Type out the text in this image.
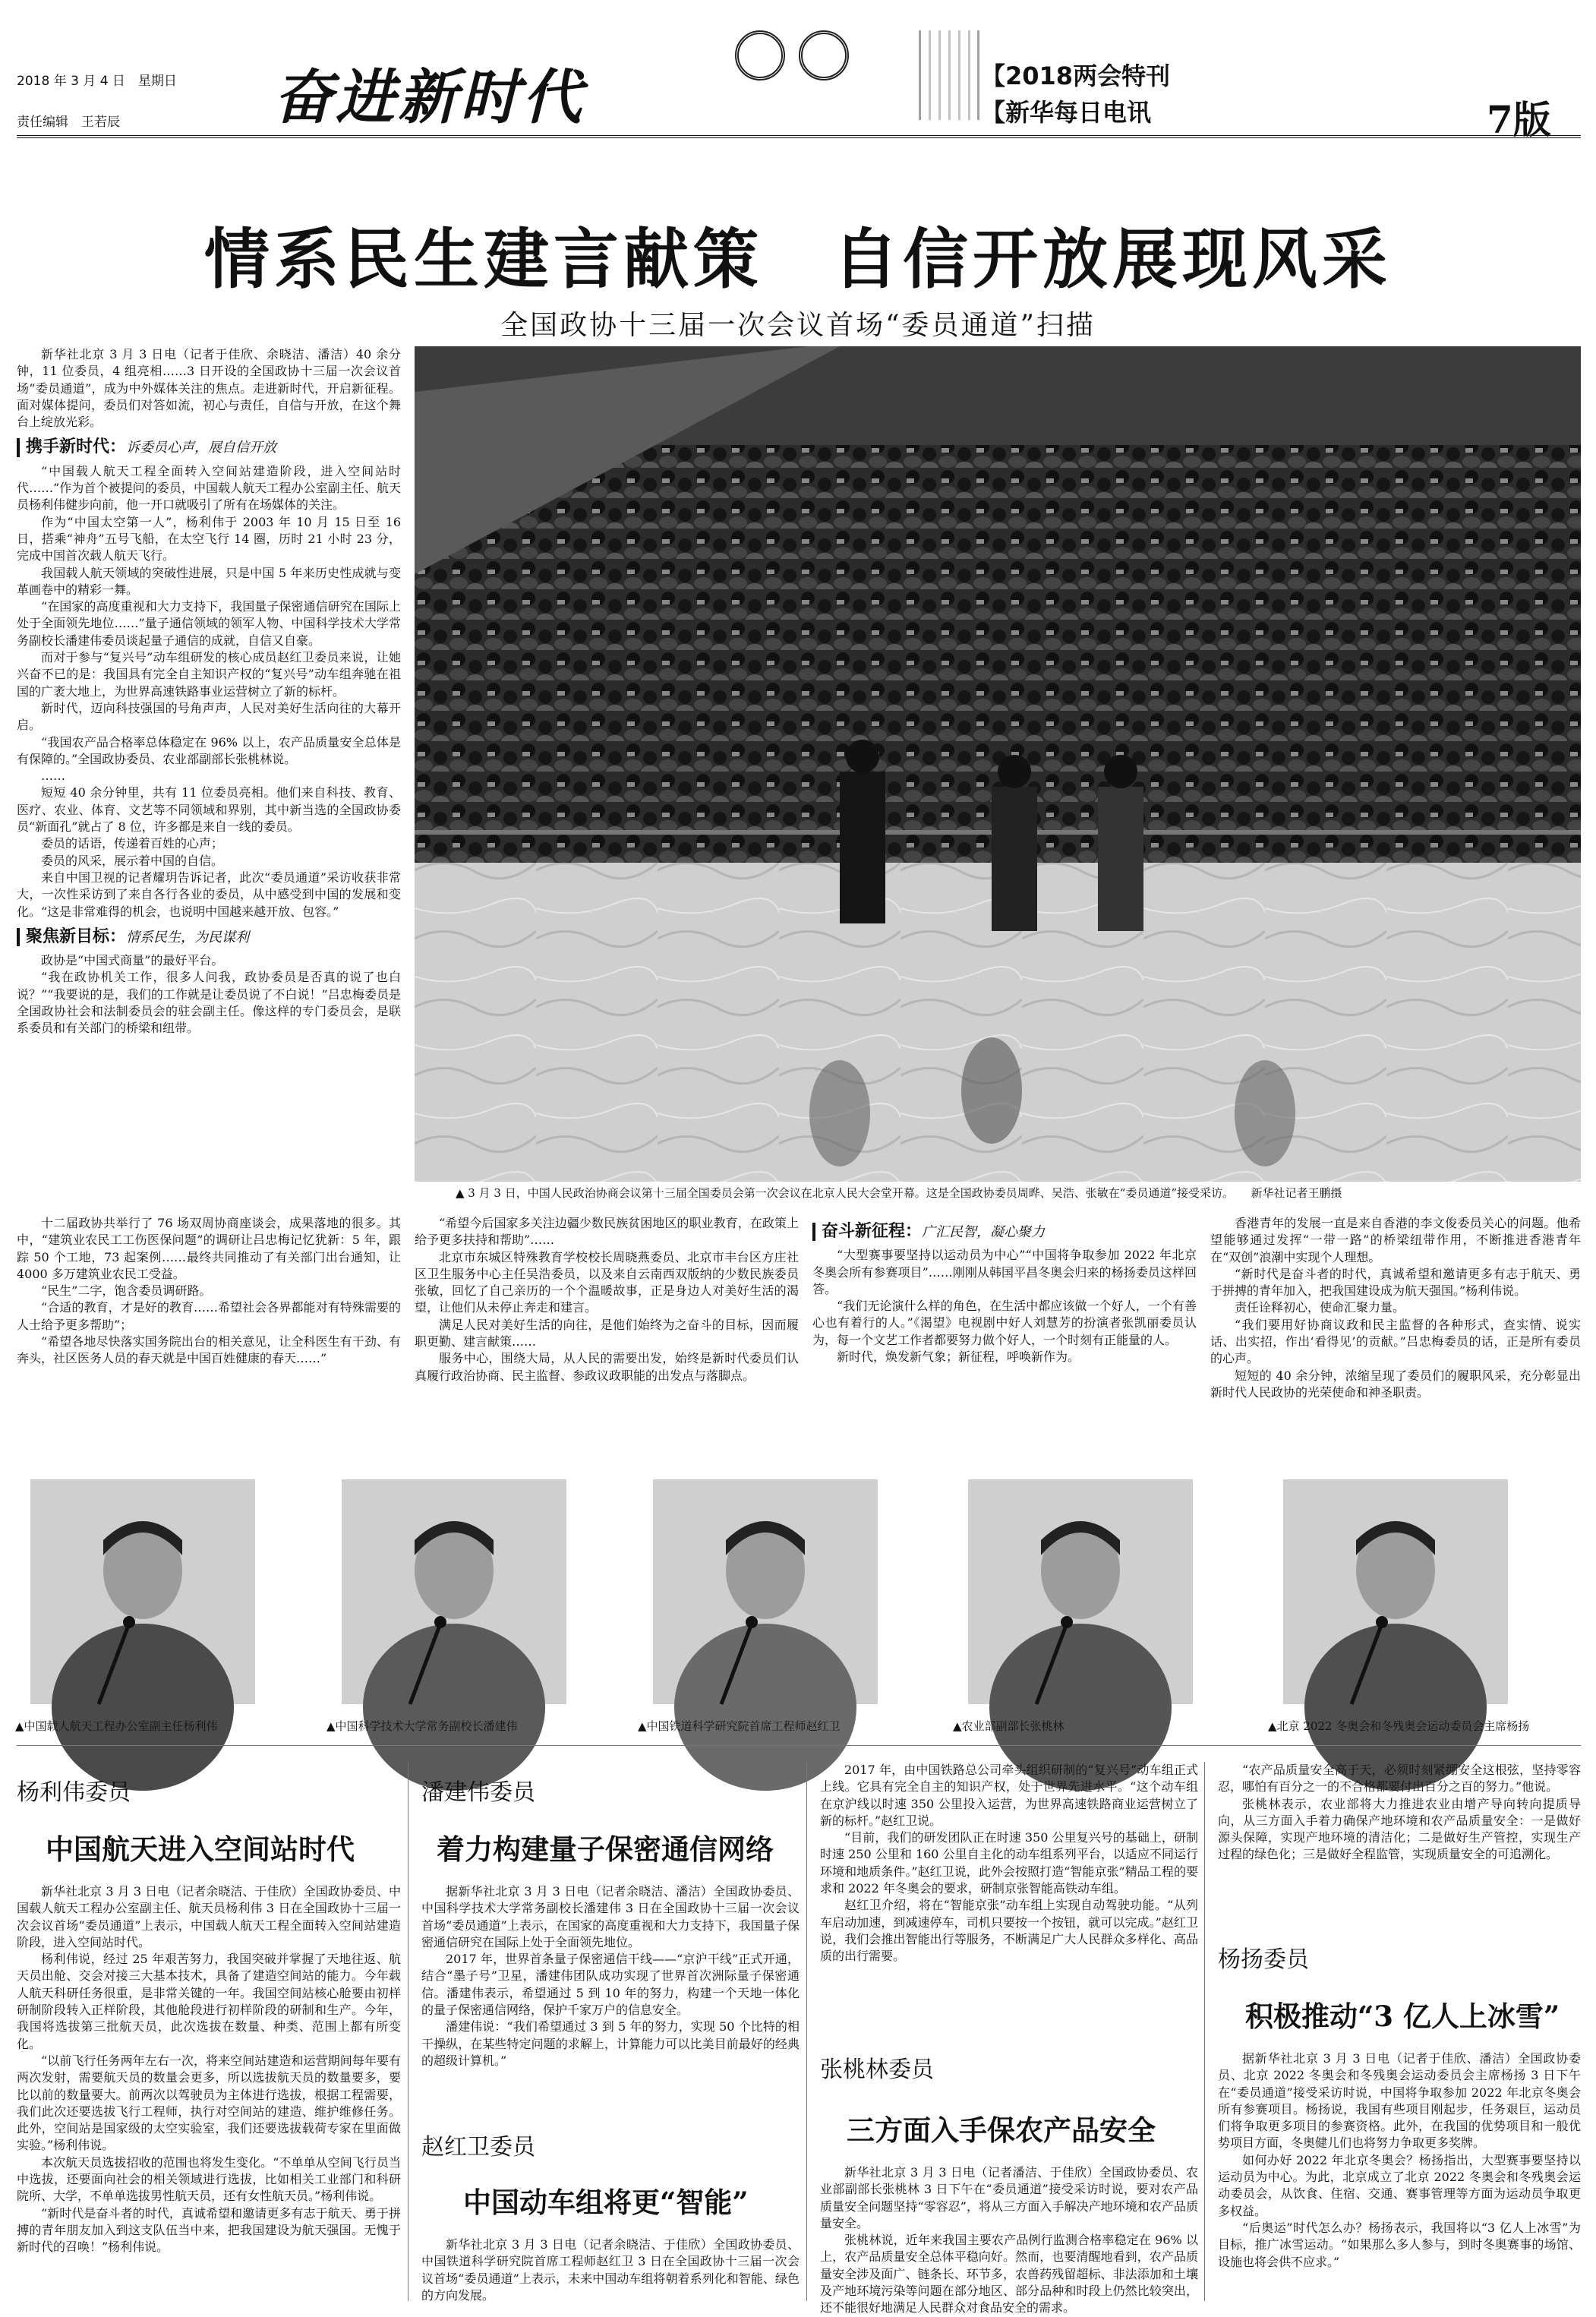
2018 年 3 月 4 日　星期日
责任编辑　王若辰	奋进新时代	【2018两会特刊
【新华每日电讯	7版
情系民生建言献策　自信开放展现风采
全国政协十三届一次会议首场“委员通道”扫描

新华社北京 3 月 3 日电（记者于佳欣、余晓洁、潘洁）40 余分钟，11 位委员，4 组亮相……3 日开设的全国政协十三届一次会议首场“委员通道”，成为中外媒体关注的焦点。走进新时代，开启新征程。面对媒体提问，委员们对答如流，初心与责任，自信与开放，在这个舞台上绽放光彩。

携手新时代：诉委员心声，展自信开放

“中国载人航天工程全面转入空间站建造阶段，进入空间站时代……”作为首个被提问的委员，中国载人航天工程办公室副主任、航天员杨利伟健步向前，他一开口就吸引了所有在场媒体的关注。

作为“中国太空第一人”，杨利伟于 2003 年 10 月 15 日至 16 日，搭乘“神舟”五号飞船，在太空飞行 14 圈，历时 21 小时 23 分，完成中国首次载人航天飞行。

我国载人航天领域的突破性进展，只是中国 5 年来历史性成就与变革画卷中的精彩一舞。

“在国家的高度重视和大力支持下，我国量子保密通信研究在国际上处于全面领先地位……”量子通信领域的领军人物、中国科学技术大学常务副校长潘建伟委员谈起量子通信的成就，自信又自豪。

而对于参与“复兴号”动车组研发的核心成员赵红卫委员来说，让她兴奋不已的是：我国具有完全自主知识产权的“复兴号”动车组奔驰在祖国的广袤大地上，为世界高速铁路事业运营树立了新的标杆。

新时代，迈向科技强国的号角声声，人民对美好生活向往的大幕开启。

“我国农产品合格率总体稳定在 96% 以上，农产品质量安全总体是有保障的。”全国政协委员、农业部副部长张桃林说。

……

短短 40 余分钟里，共有 11 位委员亮相。他们来自科技、教育、医疗、农业、体育、文艺等不同领域和界别，其中新当选的全国政协委员“新面孔”就占了 8 位，许多都是来自一线的委员。

委员的话语，传递着百姓的心声；

委员的风采，展示着中国的自信。

来自中国卫视的记者耀玥告诉记者，此次“委员通道”采访收获非常大，一次性采访到了来自各行各业的委员，从中感受到中国的发展和变化。“这是非常难得的机会，也说明中国越来越开放、包容。”

聚焦新目标：情系民生，为民谋利

政协是“中国式商量”的最好平台。

“我在政协机关工作，很多人问我，政协委员是否真的说了也白说？”“我要说的是，我们的工作就是让委员说了不白说！”吕忠梅委员是全国政协社会和法制委员会的驻会副主任。像这样的专门委员会，是联系委员和有关部门的桥梁和纽带。

▲ 3 月 3 日，中国人民政治协商会议第十三届全国委员会第一次会议在北京人民大会堂开幕。这是全国政协委员周晔、吴浩、张敏在“委员通道”接受采访。　　新华社记者王鹏摄

十二届政协共举行了 76 场双周协商座谈会，成果落地的很多。其中，“建筑业农民工工伤医保问题”的调研让吕忠梅记忆犹新：5 年，跟踪 50 个工地，73 起案例……最终共同推动了有关部门出台通知，让 4000 多万建筑业农民工受益。

“民生”二字，饱含委员调研路。

“合适的教育，才是好的教育……希望社会各界都能对有特殊需要的人士给予更多帮助”；

“希望各地尽快落实国务院出台的相关意见，让全科医生有干劲、有奔头，社区医务人员的春天就是中国百姓健康的春天……”

“希望今后国家多关注边疆少数民族贫困地区的职业教育，在政策上给予更多扶持和帮助”……

北京市东城区特殊教育学校校长周晓燕委员、北京市丰台区方庄社区卫生服务中心主任吴浩委员，以及来自云南西双版纳的少数民族委员张敏，回忆了自己亲历的一个个温暖故事，正是身边人对美好生活的渴望，让他们从未停止奔走和建言。

满足人民对美好生活的向往，是他们始终为之奋斗的目标，因而履职更勤、建言献策……

服务中心，围绕大局，从人民的需要出发，始终是新时代委员们认真履行政治协商、民主监督、参政议政职能的出发点与落脚点。

奋斗新征程：广汇民智，凝心聚力

“大型赛事要坚持以运动员为中心”“中国将争取参加 2022 年北京冬奥会所有参赛项目”……刚刚从韩国平昌冬奥会归来的杨扬委员这样回答。

“我们无论演什么样的角色，在生活中都应该做一个好人，一个有善心也有着行的人。”《渴望》电视剧中好人刘慧芳的扮演者张凯丽委员认为，每一个文艺工作者都要努力做个好人，一个时刻有正能量的人。

新时代，焕发新气象；新征程，呼唤新作为。

香港青年的发展一直是来自香港的李文俊委员关心的问题。他希望能够通过发挥“一带一路”的桥梁纽带作用，不断推进香港青年在“双创”浪潮中实现个人理想。

“新时代是奋斗者的时代，真诚希望和邀请更多有志于航天、勇于拼搏的青年加入，把我国建设成为航天强国。”杨利伟说。

责任诠释初心，使命汇聚力量。

“我们要用好协商议政和民主监督的各种形式，查实情、说实话、出实招，作出‘看得见’的贡献。”吕忠梅委员的话，正是所有委员的心声。

短短的 40 余分钟，浓缩呈现了委员们的履职风采，充分彰显出新时代人民政协的光荣使命和神圣职责。

▲中国载人航天工程办公室副主任杨利伟	▲中国科学技术大学常务副校长潘建伟	▲中国铁道科学研究院首席工程师赵红卫	▲农业部副部长张桃林	▲北京 2022 冬奥会和冬残奥会运动委员会主席杨扬
杨利伟委员
中国航天进入空间站时代

新华社北京 3 月 3 日电（记者余晓洁、于佳欣）全国政协委员、中国载人航天工程办公室副主任、航天员杨利伟 3 日在全国政协十三届一次会议首场“委员通道”上表示，中国载人航天工程全面转入空间站建造阶段，进入空间站时代。

杨利伟说，经过 25 年艰苦努力，我国突破并掌握了天地往返、航天员出舱、交会对接三大基本技术，具备了建造空间站的能力。今年载人航天科研任务很重，是非常关键的一年。我国空间站核心舱要由初样研制阶段转入正样阶段，其他舱段进行初样阶段的研制和生产。今年，我国将选拔第三批航天员，此次选拔在数量、种类、范围上都有所变化。

“以前飞行任务两年左右一次，将来空间站建造和运营期间每年要有两次发射，需要航天员的数量会更多，所以选拔航天员的数量要多，要比以前的数量要大。前两次以驾驶员为主体进行选拔，根据工程需要，我们此次还要选拔飞行工程师，执行对空间站的建造、维护维修任务。此外，空间站是国家级的太空实验室，我们还要选拔载荷专家在里面做实验。”杨利伟说。

本次航天员选拔招收的范围也将发生变化。“不单单从空间飞行员当中选拔，还要面向社会的相关领域进行选拔，比如相关工业部门和科研院所、大学，不单单选拔男性航天员，还有女性航天员。”杨利伟说。

“新时代是奋斗者的时代，真诚希望和邀请更多有志于航天、勇于拼搏的青年朋友加入到这支队伍当中来，把我国建设为航天强国。无愧于新时代的召唤！”杨利伟说。

潘建伟委员
着力构建量子保密通信网络

据新华社北京 3 月 3 日电（记者余晓洁、潘洁）全国政协委员、中国科学技术大学常务副校长潘建伟 3 日在全国政协十三届一次会议首场“委员通道”上表示，在国家的高度重视和大力支持下，我国量子保密通信研究在国际上处于全面领先地位。

2017 年，世界首条量子保密通信干线——“京沪干线”正式开通，结合“墨子号”卫星，潘建伟团队成功实现了世界首次洲际量子保密通信。潘建伟表示，希望通过 5 到 10 年的努力，构建一个天地一体化的量子保密通信网络，保护千家万户的信息安全。

潘建伟说：“我们希望通过 3 到 5 年的努力，实现 50 个比特的相干操纵，在某些特定问题的求解上，计算能力可以比美目前最好的经典的超级计算机。”

赵红卫委员
中国动车组将更“智能”

新华社北京 3 月 3 日电（记者余晓洁、于佳欣）全国政协委员、中国铁道科学研究院首席工程师赵红卫 3 日在全国政协十三届一次会议首场“委员通道”上表示，未来中国动车组将朝着系列化和智能、绿色的方向发展。

2017 年，由中国铁路总公司牵头组织研制的“复兴号”动车组正式上线。它具有完全自主的知识产权，处于世界先进水平。“这个动车组在京沪线以时速 350 公里投入运营，为世界高速铁路商业运营树立了新的标杆。”赵红卫说。

“目前，我们的研发团队正在时速 350 公里复兴号的基础上，研制时速 250 公里和 160 公里自主化的动车组系列平台，以适应不同运行环境和地质条件。”赵红卫说，此外会按照打造“智能京张”精品工程的要求和 2022 年冬奥会的要求，研制京张智能高铁动车组。

赵红卫介绍，将在“智能京张”动车组上实现自动驾驶功能。“从列车启动加速，到减速停车，司机只要按一个按钮，就可以完成。”赵红卫说，我们会推出智能出行等服务，不断满足广大人民群众多样化、高品质的出行需要。

张桃林委员
三方面入手保农产品安全

新华社北京 3 月 3 日电（记者潘洁、于佳欣）全国政协委员、农业部副部长张桃林 3 日下午在“委员通道”接受采访时说，要对农产品质量安全问题坚持“零容忍”，将从三方面入手解决产地环境和农产品质量安全。

张桃林说，近年来我国主要农产品例行监测合格率稳定在 96% 以上，农产品质量安全总体平稳向好。然而，也要清醒地看到，农产品质量安全涉及面广、链条长、环节多，农兽药残留超标、非法添加和土壤及产地环境污染等问题在部分地区、部分品种和时段上仍然比较突出，还不能很好地满足人民群众对食品安全的需求。

“农产品质量安全高于天，必须时刻紧绷安全这根弦，坚持零容忍，哪怕有百分之一的不合格都要付出百分之百的努力。”他说。

张桃林表示，农业部将大力推进农业由增产导向转向提质导向，从三方面入手着力确保产地环境和农产品质量安全：一是做好源头保障，实现产地环境的清洁化；二是做好生产管控，实现生产过程的绿色化；三是做好全程监管，实现质量安全的可追溯化。

杨扬委员
积极推动“3 亿人上冰雪”

据新华社北京 3 月 3 日电（记者于佳欣、潘洁）全国政协委员、北京 2022 冬奥会和冬残奥会运动委员会主席杨扬 3 日下午在“委员通道”接受采访时说，中国将争取参加 2022 年北京冬奥会所有参赛项目。杨扬说，我国有些项目刚起步，任务艰巨，运动员们将争取更多项目的参赛资格。此外，在我国的优势项目和一般优势项目方面，冬奥健儿们也将努力争取更多奖牌。

如何办好 2022 年北京冬奥会？杨扬指出，大型赛事要坚持以运动员为中心。为此，北京成立了北京 2022 冬奥会和冬残奥会运动委员会，从饮食、住宿、交通、赛事管理等方面为运动员争取更多权益。

“后奥运”时代怎么办？杨扬表示，我国将以“3 亿人上冰雪”为目标，推广冰雪运动。“如果那么多人参与，到时冬奥赛事的场馆、设施也将会供不应求。”
